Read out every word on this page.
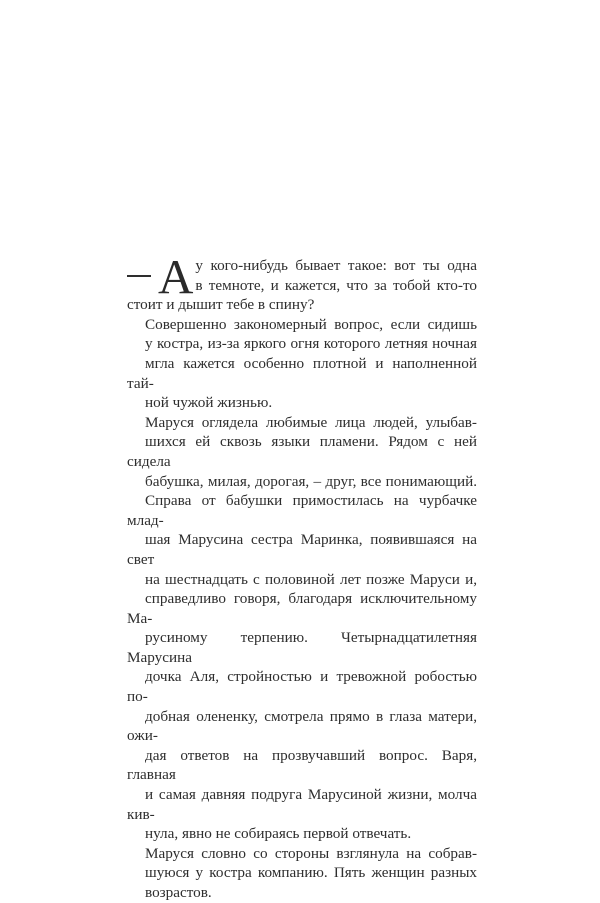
А у кого-нибудь бывает такое: вот ты одна
в темноте, и кажется, что за тобой кто-то
стоит и дышит тебе в спину?

Совершенно закономерный вопрос, если сидишь
у костра, из-за яркого огня которого летняя ночная
мгла кажется особенно плотной и наполненной тай-
ной чужой жизнью.

Маруся оглядела любимые лица людей, улыбав-
шихся ей сквозь языки пламени. Рядом с ней сидела
бабушка, милая, дорогая, – друг, все понимающий.
Справа от бабушки примостилась на чурбачке млад-
шая Марусина сестра Маринка, появившаяся на свет
на шестнадцать с половиной лет позже Маруси и,
справедливо говоря, благодаря исключительному Ма-
русиному терпению. Четырнадцатилетняя Марусина
дочка Аля, стройностью и тревожной робостью по-
добная олененку, смотрела прямо в глаза матери, ожи-
дая ответов на прозвучавший вопрос. Варя, главная
и самая давняя подруга Марусиной жизни, молча кив-
нула, явно не собираясь первой отвечать.

Маруся словно со стороны взглянула на собрав-
шуюся у костра компанию. Пять женщин разных
возрастов.
